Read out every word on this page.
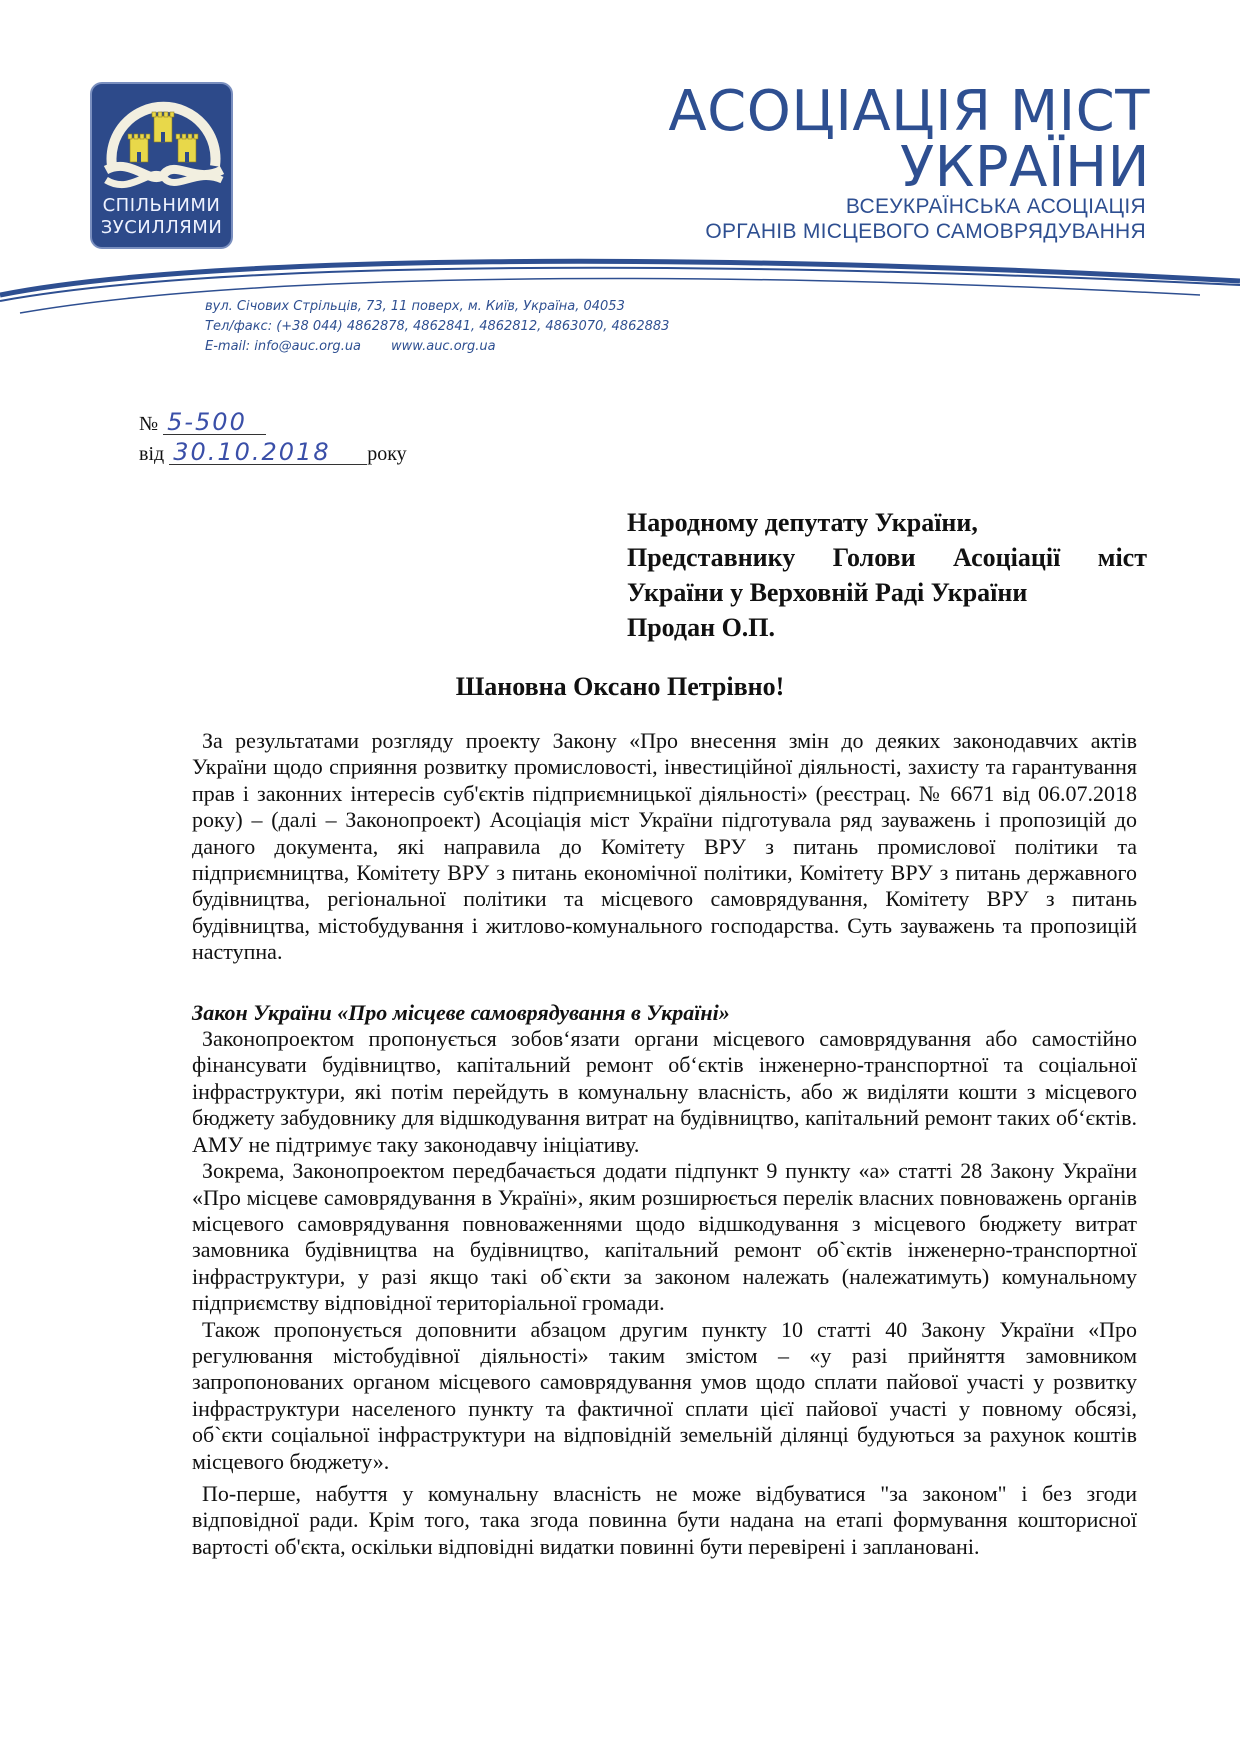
СПІЛЬНИМИ
ЗУСИЛЛЯМИ
АСОЦІАЦІЯ МІСТ УКРАЇНИ
ВСЕУКРАЇНСЬКА АСОЦІАЦІЯ
ОРГАНІВ МІСЦЕВОГО САМОВРЯДУВАННЯ
вул. Січових Стрільців, 73, 11 поверх, м. Київ, Україна, 04053
Тел/факс: (+38 044) 4862878, 4862841, 4862812, 4863070, 4862883
E-mail: info@auc.org.ua www.auc.org.ua
№ 5-500
від 30.10.2018 року
Народному депутату України,
Представнику Голови Асоціації міст
України у Верховній Раді України
Продан О.П.
Шановна Оксано Петрівно!

За результатами розгляду проекту Закону «Про внесення змін до деяких законодавчих актів України щодо сприяння розвитку промисловості, інвестиційної діяльності, захисту та гарантування прав і законних інтересів суб'єктів підприємницької діяльності» (реєстрац. № 6671 від 06.07.2018 року) – (далі – Законопроект) Асоціація міст України підготувала ряд зауважень і пропозицій до даного документа, які направила до Комітету ВРУ з питань промислової політики та підприємництва, Комітету ВРУ з питань економічної політики, Комітету ВРУ з питань державного будівництва, регіональної політики та місцевого самоврядування, Комітету ВРУ з питань будівництва, містобудування і житлово-комунального господарства. Суть зауважень та пропозицій наступна.

Закон України «Про місцеве самоврядування в Україні»

Законопроектом пропонується зобов‘язати органи місцевого самоврядування або самостійно фінансувати будівництво, капітальний ремонт об‘єктів інженерно-транспортної та соціальної інфраструктури, які потім перейдуть в комунальну власність, або ж виділяти кошти з місцевого бюджету забудовнику для відшкодування витрат на будівництво, капітальний ремонт таких об‘єктів. АМУ не підтримує таку законодавчу ініціативу.

Зокрема, Законопроектом передбачається додати підпункт 9 пункту «а» статті 28 Закону України «Про місцеве самоврядування в Україні», яким розширюється перелік власних повноважень органів місцевого самоврядування повноваженнями щодо відшкодування з місцевого бюджету витрат замовника будівництва на будівництво, капітальний ремонт об`єктів інженерно-транспортної інфраструктури, у разі якщо такі об`єкти за законом належать (належатимуть) комунальному підприємству відповідної територіальної громади.

Також пропонується доповнити абзацом другим пункту 10 статті 40 Закону України «Про регулювання містобудівної діяльності» таким змістом – «у разі прийняття замовником запропонованих органом місцевого самоврядування умов щодо сплати пайової участі у розвитку інфраструктури населеного пункту та фактичної сплати цієї пайової участі у повному обсязі, об`єкти соціальної інфраструктури на відповідній земельній ділянці будуються за рахунок коштів місцевого бюджету».

По-перше, набуття у комунальну власність не може відбуватися "за законом" і без згоди відповідної ради. Крім того, така згода повинна бути надана на етапі формування кошторисної вартості об'єкта, оскільки відповідні видатки повинні бути перевірені і заплановані.
